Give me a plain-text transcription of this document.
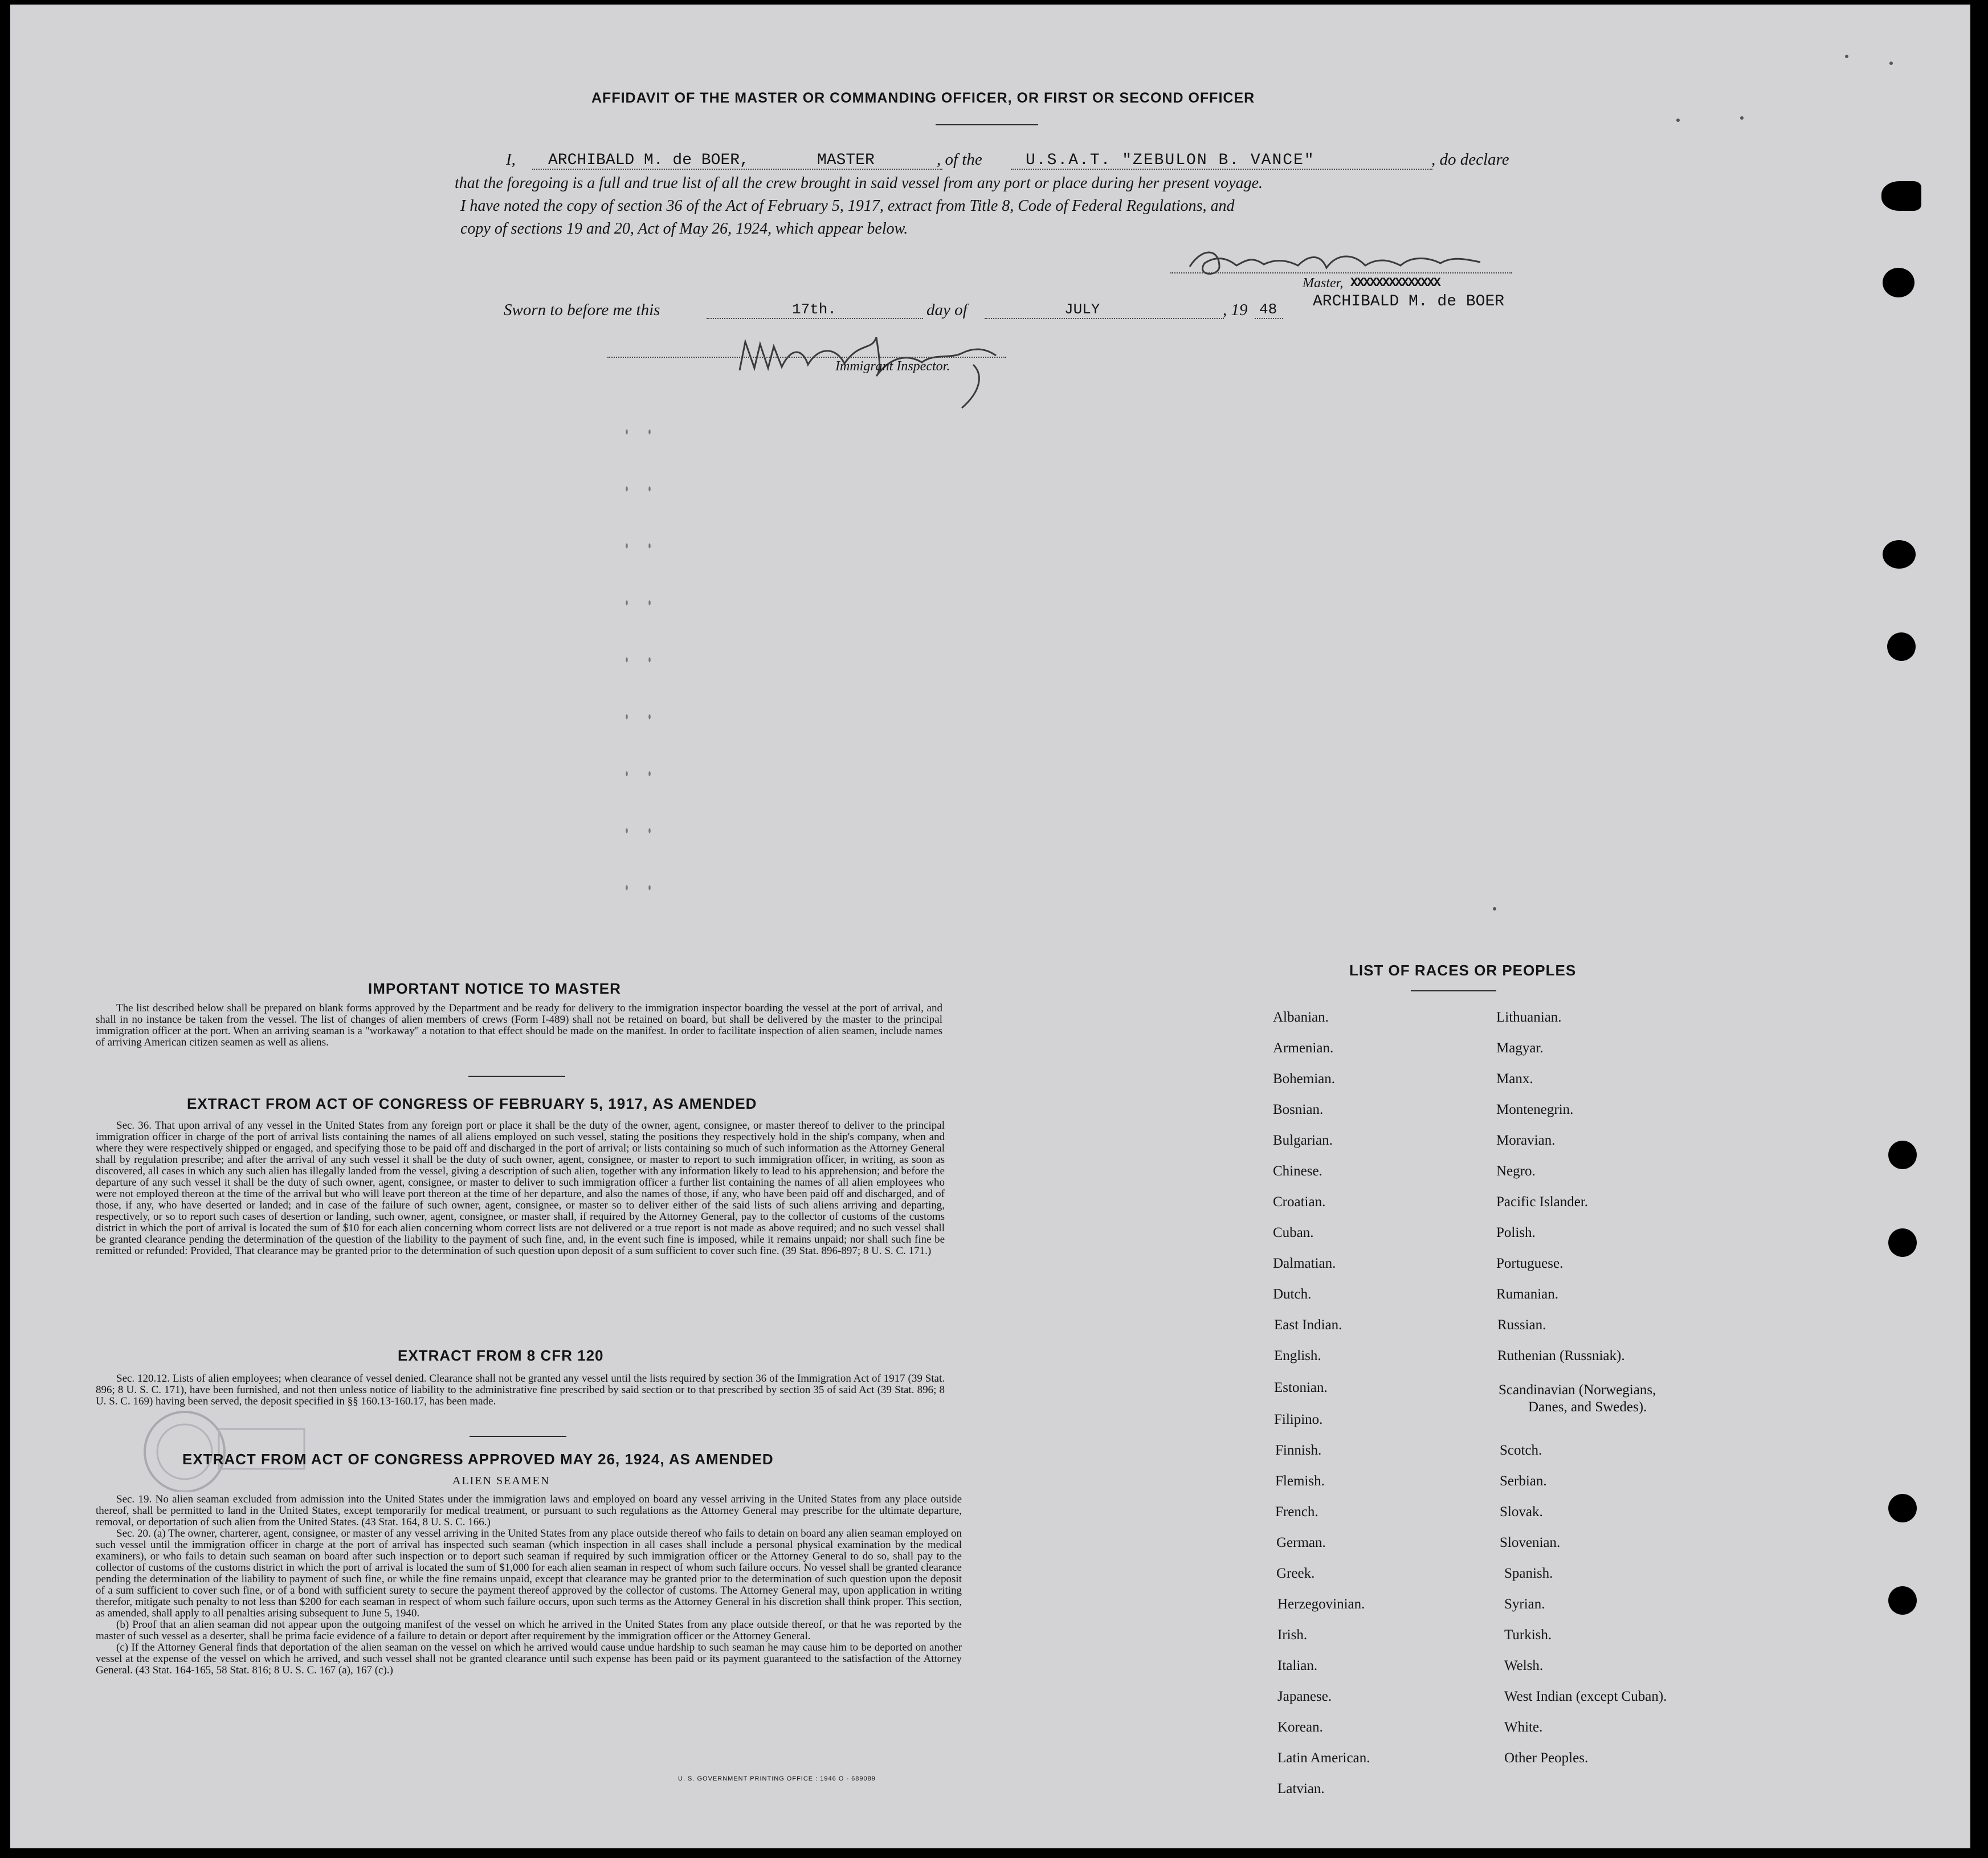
AFFIDAVIT OF THE MASTER OR COMMANDING OFFICER, OR FIRST OR SECOND OFFICER
I, ARCHIBALD M. de BOER,	MASTER	, of the	U.S.A.T. "ZEBULON B. VANCE"	, do declare
that the foregoing is a full and true list of all the crew brought in said vessel from any port or place during her present voyage.
I have noted the copy of section 36 of the Act of February 5, 1917, extract from Title 8, Code of Federal Regulations, and
copy of sections 19 and 20, Act of May 26, 1924, which appear below.
Master, XXXXXXXXXXXXXX
ARCHIBALD M. de BOER
Sworn to before me this	17th.	day of	JULY	, 19 48
Immigrant Inspector.
IMPORTANT NOTICE TO MASTER
The list described below shall be prepared on blank forms approved by the Department and be ready for delivery to the immigration inspector boarding the vessel at the port of arrival, and shall in no instance be taken from the vessel. The list of changes of alien members of crews (Form I-489) shall not be retained on board, but shall be delivered by the master to the principal immigration officer at the port. When an arriving seaman is a "workaway" a notation to that effect should be made on the manifest. In order to facilitate inspection of alien seamen, include names of arriving American citizen seamen as well as aliens.
EXTRACT FROM ACT OF CONGRESS OF FEBRUARY 5, 1917, AS AMENDED
Sec. 36. That upon arrival of any vessel in the United States from any foreign port or place it shall be the duty of the owner, agent, consignee, or master thereof to deliver to the principal immigration officer in charge of the port of arrival lists containing the names of all aliens employed on such vessel, stating the positions they respectively hold in the ship's company, when and where they were respectively shipped or engaged, and specifying those to be paid off and discharged in the port of arrival; or lists containing so much of such information as the Attorney General shall by regulation prescribe; and after the arrival of any such vessel it shall be the duty of such owner, agent, consignee, or master to report to such immigration officer, in writing, as soon as discovered, all cases in which any such alien has illegally landed from the vessel, giving a description of such alien, together with any information likely to lead to his apprehension; and before the departure of any such vessel it shall be the duty of such owner, agent, consignee, or master to deliver to such immigration officer a further list containing the names of all alien employees who were not employed thereon at the time of the arrival but who will leave port thereon at the time of her departure, and also the names of those, if any, who have been paid off and discharged, and of those, if any, who have deserted or landed; and in case of the failure of such owner, agent, consignee, or master so to deliver either of the said lists of such aliens arriving and departing, respectively, or so to report such cases of desertion or landing, such owner, agent, consignee, or master shall, if required by the Attorney General, pay to the collector of customs of the customs district in which the port of arrival is located the sum of $10 for each alien concerning whom correct lists are not delivered or a true report is not made as above required; and no such vessel shall be granted clearance pending the determination of the question of the liability to the payment of such fine, and, in the event such fine is imposed, while it remains unpaid; nor shall such fine be remitted or refunded: Provided, That clearance may be granted prior to the determination of such question upon deposit of a sum sufficient to cover such fine. (39 Stat. 896-897; 8 U. S. C. 171.)
EXTRACT FROM 8 CFR 120
Sec. 120.12. Lists of alien employees; when clearance of vessel denied. Clearance shall not be granted any vessel until the lists required by section 36 of the Immigration Act of 1917 (39 Stat. 896; 8 U. S. C. 171), have been furnished, and not then unless notice of liability to the administrative fine prescribed by said section or to that prescribed by section 35 of said Act (39 Stat. 896; 8 U. S. C. 169) having been served, the deposit specified in §§ 160.13-160.17, has been made.
EXTRACT FROM ACT OF CONGRESS APPROVED MAY 26, 1924, AS AMENDED
ALIEN SEAMEN

Sec. 19. No alien seaman excluded from admission into the United States under the immigration laws and employed on board any vessel arriving in the United States from any place outside thereof, shall be permitted to land in the United States, except temporarily for medical treatment, or pursuant to such regulations as the Attorney General may prescribe for the ultimate departure, removal, or deportation of such alien from the United States. (43 Stat. 164, 8 U. S. C. 166.)

Sec. 20. (a) The owner, charterer, agent, consignee, or master of any vessel arriving in the United States from any place outside thereof who fails to detain on board any alien seaman employed on such vessel until the immigration officer in charge at the port of arrival has inspected such seaman (which inspection in all cases shall include a personal physical examination by the medical examiners), or who fails to detain such seaman on board after such inspection or to deport such seaman if required by such immigration officer or the Attorney General to do so, shall pay to the collector of customs of the customs district in which the port of arrival is located the sum of $1,000 for each alien seaman in respect of whom such failure occurs. No vessel shall be granted clearance pending the determination of the liability to payment of such fine, or while the fine remains unpaid, except that clearance may be granted prior to the determination of such question upon the deposit of a sum sufficient to cover such fine, or of a bond with sufficient surety to secure the payment thereof approved by the collector of customs. The Attorney General may, upon application in writing therefor, mitigate such penalty to not less than $200 for each seaman in respect of whom such failure occurs, upon such terms as the Attorney General in his discretion shall think proper. This section, as amended, shall apply to all penalties arising subsequent to June 5, 1940.

(b) Proof that an alien seaman did not appear upon the outgoing manifest of the vessel on which he arrived in the United States from any place outside thereof, or that he was reported by the master of such vessel as a deserter, shall be prima facie evidence of a failure to detain or deport after requirement by the immigration officer or the Attorney General.

(c) If the Attorney General finds that deportation of the alien seaman on the vessel on which he arrived would cause undue hardship to such seaman he may cause him to be deported on another vessel at the expense of the vessel on which he arrived, and such vessel shall not be granted clearance until such expense has been paid or its payment guaranteed to the satisfaction of the Attorney General. (43 Stat. 164-165, 58 Stat. 816; 8 U. S. C. 167 (a), 167 (c).)

U. S. GOVERNMENT PRINTING OFFICE : 1946 O - 689089
LIST OF RACES OR PEOPLES
Albanian.
Armenian.
Bohemian.
Bosnian.
Bulgarian.
Chinese.
Croatian.
Cuban.
Dalmatian.
Dutch.
East Indian.
English.
Estonian.
Filipino.
Finnish.
Flemish.
French.
German.
Greek.
Herzegovinian.
Irish.
Italian.
Japanese.
Korean.
Latin American.
Latvian.
Lithuanian.
Magyar.
Manx.
Montenegrin.
Moravian.
Negro.
Pacific Islander.
Polish.
Portuguese.
Rumanian.
Russian.
Ruthenian (Russniak).
Scandinavian (Norwegians,
Danes, and Swedes).
Scotch.
Serbian.
Slovak.
Slovenian.
Spanish.
Syrian.
Turkish.
Welsh.
West Indian (except Cuban).
White.
Other Peoples.
